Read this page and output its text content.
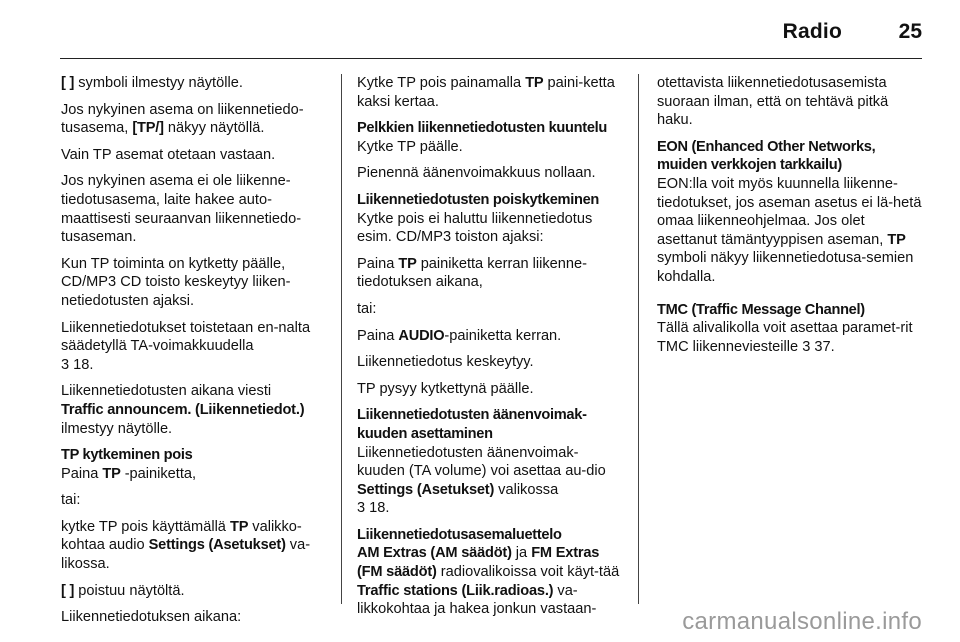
Radio	25

[ ] symboli ilmestyy näytölle.

Jos nykyinen asema on liikennetiedo-tusasema, [TP/] näkyy näytöllä.

Vain TP asemat otetaan vastaan.

Jos nykyinen asema ei ole liikenne-tiedotusasema, laite hakee auto-maattisesti seuraanvan liikennetiedo-tusaseman.

Kun TP toiminta on kytketty päälle, CD/MP3 CD toisto keskeytyy liiken-netiedotusten ajaksi.

Liikennetiedotukset toistetaan en-nalta säädetyllä TA-voimakkuudella
3 18.

Liikennetiedotusten aikana viesti
Traffic announcem. (Liikennetiedot.)
ilmestyy näytölle.

TP kytkeminen pois

Paina TP -painiketta,

tai:

kytke TP pois käyttämällä TP valikko-kohtaa audio Settings (Asetukset) va-likossa.

[ ] poistuu näytöltä.

Liikennetiedotuksen aikana:

Kytke TP pois painamalla TP paini-ketta kaksi kertaa.

Pelkkien liikennetiedotusten kuuntelu

Kytke TP päälle.

Pienennä äänenvoimakkuus nollaan.

Liikennetiedotusten poiskytkeminen

Kytke pois ei haluttu liikennetiedotus esim. CD/MP3 toiston ajaksi:

Paina TP painiketta kerran liikenne-tiedotuksen aikana,

tai:

Paina AUDIO-painiketta kerran.

Liikennetiedotus keskeytyy.

TP pysyy kytkettynä päälle.

Liikennetiedotusten äänenvoimak-kuuden asettaminen

Liikennetiedotusten äänenvoimak-kuuden (TA volume) voi asettaa au-dio Settings (Asetukset) valikossa
3 18.

Liikennetiedotusasemaluettelo

AM Extras (AM säädöt) ja FM Extras (FM säädöt) radiovalikoissa voit käyt-tää Traffic stations (Liik.radioas.) va-likkokohtaa ja hakea jonkun vastaan-

otettavista liikennetiedotusasemista suoraan ilman, että on tehtävä pitkä haku.

EON (Enhanced Other Networks, muiden verkkojen tarkkailu)

EON:lla voit myös kuunnella liikenne-tiedotukset, jos aseman asetus ei lä-hetä omaa liikenneohjelmaa. Jos olet asettanut tämäntyyppisen aseman, TP symboli näkyy liikennetiedotusa-semien kohdalla.

TMC (Traffic Message Channel)

Tällä alivalikolla voit asettaa paramet-rit TMC liikenneviesteille 3 37.

carmanualsonline.info
